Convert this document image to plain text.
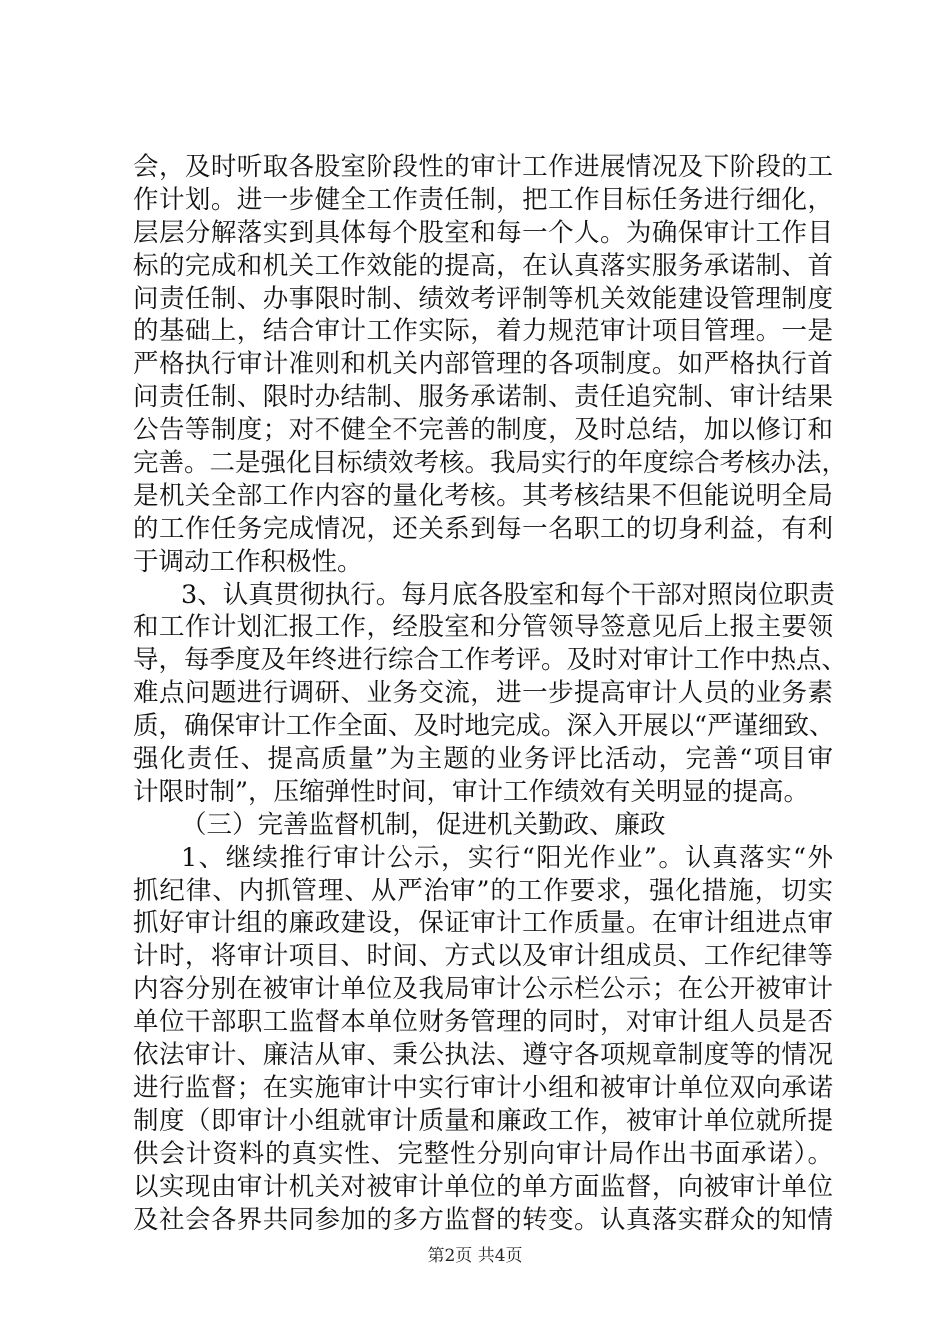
会，及时听取各股室阶段性的审计工作进展情况及下阶段的工
作计划。进一步健全工作责任制，把工作目标任务进行细化，
层层分解落实到具体每个股室和每一个人。为确保审计工作目
标的完成和机关工作效能的提高，在认真落实服务承诺制、首
问责任制、办事限时制、绩效考评制等机关效能建设管理制度
的基础上，结合审计工作实际，着力规范审计项目管理。一是
严格执行审计准则和机关内部管理的各项制度。如严格执行首
问责任制、限时办结制、服务承诺制、责任追究制、审计结果
公告等制度；对不健全不完善的制度，及时总结，加以修订和
完善。二是强化目标绩效考核。我局实行的年度综合考核办法，
是机关全部工作内容的量化考核。其考核结果不但能说明全局
的工作任务完成情况，还关系到每一名职工的切身利益，有利
于调动工作积极性。
3、认真贯彻执行。每月底各股室和每个干部对照岗位职责
和工作计划汇报工作，经股室和分管领导签意见后上报主要领
导，每季度及年终进行综合工作考评。及时对审计工作中热点、
难点问题进行调研、业务交流，进一步提高审计人员的业务素
质，确保审计工作全面、及时地完成。深入开展以“严谨细致、
强化责任、提高质量”为主题的业务评比活动，完善“项目审
计限时制”，压缩弹性时间，审计工作绩效有关明显的提高。
（三）完善监督机制，促进机关勤政、廉政
1、继续推行审计公示，实行“阳光作业”。认真落实“外
抓纪律、内抓管理、从严治审”的工作要求，强化措施，切实
抓好审计组的廉政建设，保证审计工作质量。在审计组进点审
计时，将审计项目、时间、方式以及审计组成员、工作纪律等
内容分别在被审计单位及我局审计公示栏公示；在公开被审计
单位干部职工监督本单位财务管理的同时，对审计组人员是否
依法审计、廉洁从审、秉公执法、遵守各项规章制度等的情况
进行监督；在实施审计中实行审计小组和被审计单位双向承诺
制度（即审计小组就审计质量和廉政工作，被审计单位就所提
供会计资料的真实性、完整性分别向审计局作出书面承诺）。
以实现由审计机关对被审计单位的单方面监督，向被审计单位
及社会各界共同参加的多方监督的转变。认真落实群众的知情
第2页 共4页
